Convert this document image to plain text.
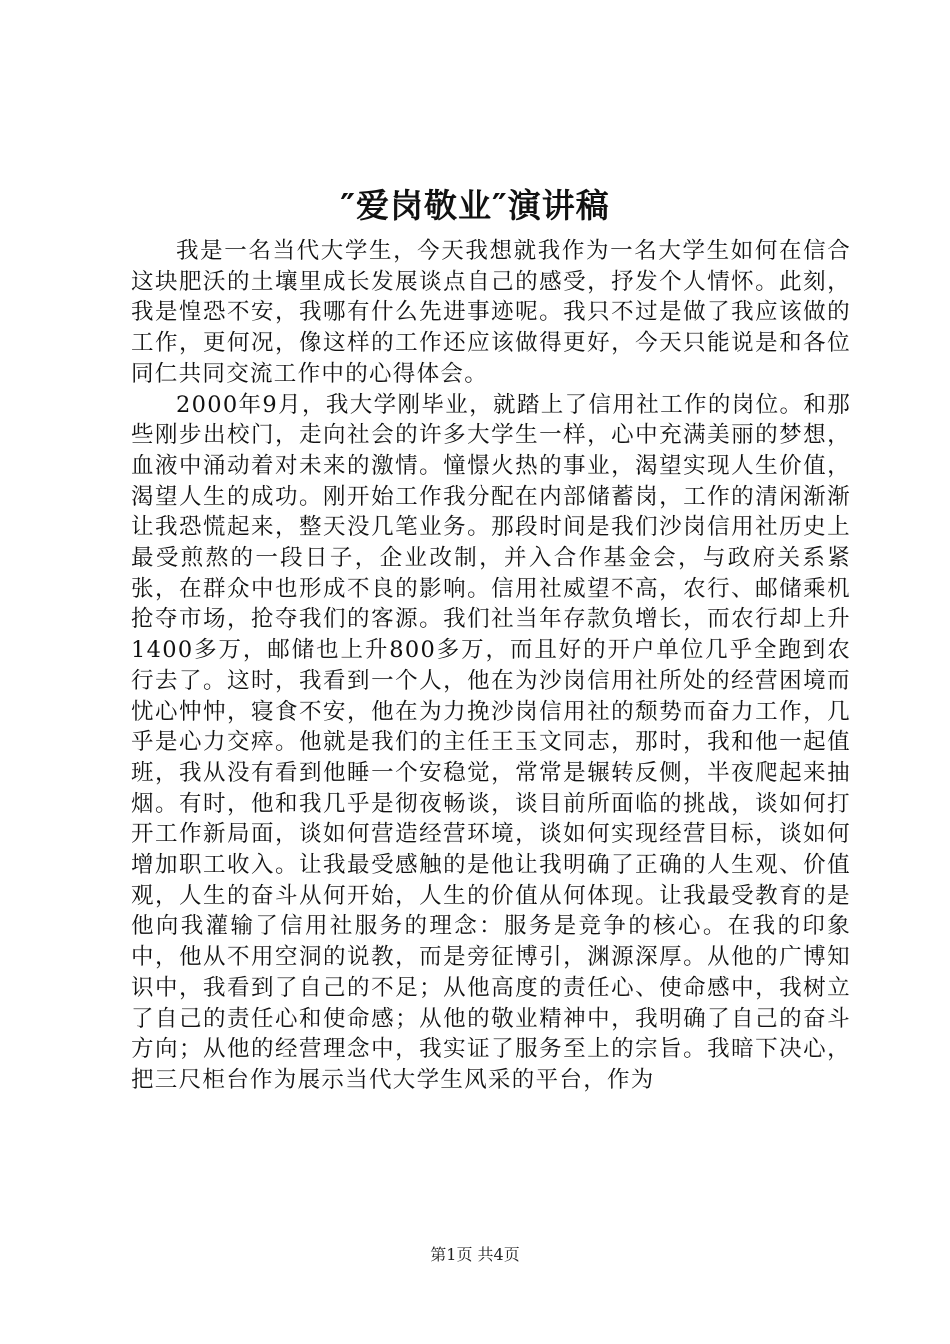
″爱岗敬业″演讲稿

我是一名当代大学生，今天我想就我作为一名大学生如何在信合这块肥沃的土壤里成长发展谈点自己的感受，抒发个人情怀。此刻，我是惶恐不安，我哪有什么先进事迹呢。我只不过是做了我应该做的工作，更何况，像这样的工作还应该做得更好，今天只能说是和各位同仁共同交流工作中的心得体会。

2000年9月，我大学刚毕业，就踏上了信用社工作的岗位。和那些刚步出校门，走向社会的许多大学生一样，心中充满美丽的梦想，血液中涌动着对未来的激情。憧憬火热的事业，渴望实现人生价值，渴望人生的成功。刚开始工作我分配在内部储蓄岗，工作的清闲渐渐让我恐慌起来，整天没几笔业务。那段时间是我们沙岗信用社历史上最受煎熬的一段日子，企业改制，并入合作基金会，与政府关系紧张，在群众中也形成不良的影响。信用社威望不高，农行、邮储乘机抢夺市场，抢夺我们的客源。我们社当年存款负增长，而农行却上升1400多万，邮储也上升800多万，而且好的开户单位几乎全跑到农行去了。这时，我看到一个人，他在为沙岗信用社所处的经营困境而忧心忡忡，寝食不安，他在为力挽沙岗信用社的颓势而奋力工作，几乎是心力交瘁。他就是我们的主任王玉文同志，那时，我和他一起值班，我从没有看到他睡一个安稳觉，常常是辗转反侧，半夜爬起来抽烟。有时，他和我几乎是彻夜畅谈，谈目前所面临的挑战，谈如何打开工作新局面，谈如何营造经营环境，谈如何实现经营目标，谈如何增加职工收入。让我最受感触的是他让我明确了正确的人生观、价值观，人生的奋斗从何开始，人生的价值从何体现。让我最受教育的是他向我灌输了信用社服务的理念：服务是竞争的核心。在我的印象中，他从不用空洞的说教，而是旁征博引，渊源深厚。从他的广博知识中，我看到了自己的不足；从他高度的责任心、使命感中，我树立了自己的责任心和使命感；从他的敬业精神中，我明确了自己的奋斗方向；从他的经营理念中，我实证了服务至上的宗旨。我暗下决心，把三尺柜台作为展示当代大学生风采的平台，作为

第1页 共4页
